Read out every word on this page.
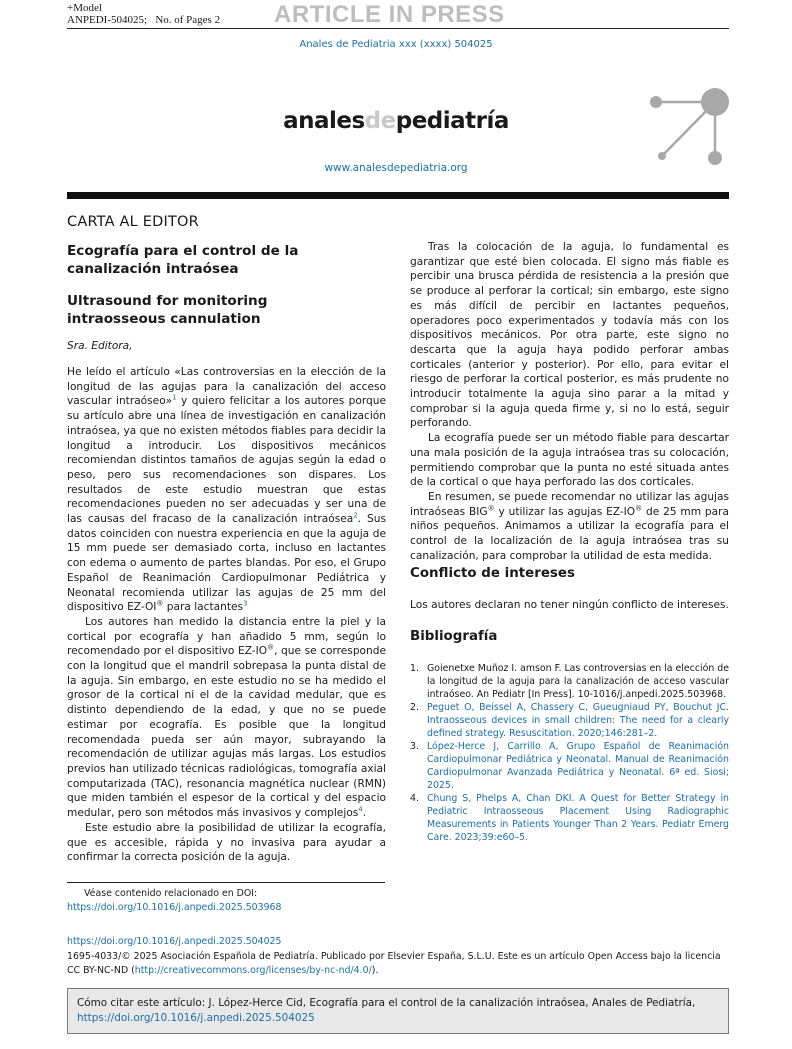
+Model
ANPEDI-504025; No. of Pages 2 ARTICLE IN PRESS
Anales de Pediatria xxx (xxxx) 504025
analesdepediatría
www.analesdepediatria.org
CARTA AL EDITOR
Ecografía para el control de la canalización intraósea
Ultrasound for monitoring intraosseous cannulation
Sra. Editora,

He leído el artículo «Las controversias en la elección de la longitud de las agujas para la canalización del acceso vascular intraóseo»$^1$ y quiero felicitar a los autores porque su artículo abre una línea de investigación en canalización intraósea, ya que no existen métodos fiables para decidir la longitud a introducir. Los dispositivos mecánicos recomiendan distintos tamaños de agujas según la edad o peso, pero sus recomendaciones son dispares. Los resultados de este estudio muestran que estas recomendaciones pueden no ser adecuadas y ser una de las causas del fracaso de la canalización intraósea$^2$. Sus datos coinciden con nuestra experiencia en que la aguja de 15 mm puede ser demasiado corta, incluso en lactantes con edema o aumento de partes blandas. Por eso, el Grupo Español de Reanimación Cardiopulmonar Pediátrica y Neonatal recomienda utilizar las agujas de 25 mm del dispositivo EZ-OI® para lactantes$^3$

Los autores han medido la distancia entre la piel y la cortical por ecografía y han añadido 5 mm, según lo recomendado por el dispositivo EZ-IO®, que se corresponde con la longitud que el mandril sobrepasa la punta distal de la aguja. Sin embargo, en este estudio no se ha medido el grosor de la cortical ni el de la cavidad medular, que es distinto dependiendo de la edad, y que no se puede estimar por ecografía. Es posible que la longitud recomendada pueda ser aún mayor, subrayando la recomendación de utilizar agujas más largas. Los estudios previos han utilizado técnicas radiológicas, tomografía axial computarizada (TAC), resonancia magnética nuclear (RMN) que miden también el espesor de la cortical y del espacio medular, pero son métodos más invasivos y complejos$^4$.

Este estudio abre la posibilidad de utilizar la ecografía, que es accesible, rápida y no invasiva para ayudar a confirmar la correcta posición de la aguja.

Tras la colocación de la aguja, lo fundamental es garantizar que esté bien colocada. El signo más fiable es percibir una brusca pérdida de resistencia a la presión que se produce al perforar la cortical; sin embargo, este signo es más difícil de percibir en lactantes pequeños, operadores poco experimentados y todavía más con los dispositivos mecánicos. Por otra parte, este signo no descarta que la aguja haya podido perforar ambas corticales (anterior y posterior). Por ello, para evitar el riesgo de perforar la cortical posterior, es más prudente no introducir totalmente la aguja sino parar a la mitad y comprobar si la aguja queda firme y, si no lo está, seguir perforando.

La ecografía puede ser un método fiable para descartar una mala posición de la aguja intraósea tras su colocación, permitiendo comprobar que la punta no esté situada antes de la cortical o que haya perforado las dos corticales.

En resumen, se puede recomendar no utilizar las agujas intraóseas BIG® y utilizar las agujas EZ-IO® de 25 mm para niños pequeños. Animamos a utilizar la ecografía para el control de la localización de la aguja intraósea tras su canalización, para comprobar la utilidad de esta medida.

Conflicto de intereses
Los autores declaran no tener ningún conflicto de intereses.
Bibliografía
1. Goienetxe Muñoz I. amson F. Las controversias en la elección de la longitud de la aguja para la canalización de acceso vascular intraóseo. An Pediatr [In Press]. 10-1016/j.anpedi.2025.503968.
2. Peguet O, Beissel A, Chassery C, Gueugniaud PY, Bouchut JC. Intraosseous devices in small children: The need for a clearly defined strategy. Resuscitation. 2020;146:281–2.
3. López-Herce J, Carrillo A, Grupo Español de Reanimación Cardiopulmonar Pediátrica y Neonatal. Manual de Reanimación Cardiopulmonar Avanzada Pediátrica y Neonatal. 6ª ed. Siosi; 2025.
4. Chung S, Phelps A, Chan DKI. A Quest for Better Strategy in Pediatric Intraosseous Placement Using Radiographic Measurements in Patients Younger Than 2 Years. Pediatr Emerg Care. 2023;39:e60–5.
Véase contenido relacionado en DOI:
https://doi.org/10.1016/j.anpedi.2025.503968
https://doi.org/10.1016/j.anpedi.2025.504025
1695-4033/© 2025 Asociación Española de Pediatría. Publicado por Elsevier España, S.L.U. Este es un artículo Open Access bajo la licencia CC BY-NC-ND (http://creativecommons.org/licenses/by-nc-nd/4.0/).
Cómo citar este artículo: J. López-Herce Cid, Ecografía para el control de la canalización intraósea, Anales de Pediatría,
https://doi.org/10.1016/j.anpedi.2025.504025
